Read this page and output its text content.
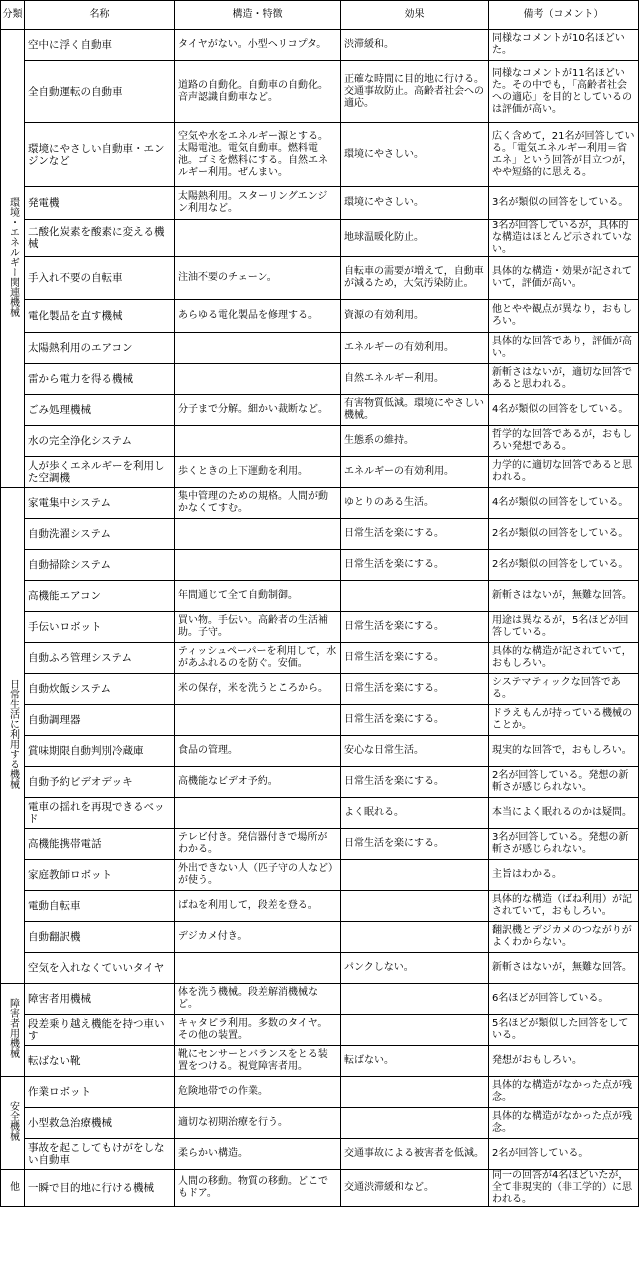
分類	名称	構造・特徴	効果	備考（コメント）
環境・エネルギー関連機械	空中に浮く自動車	タイヤがない。小型ヘリコプタ。	渋滞緩和。	同様なコメントが10名ほどいた。
	全自動運転の自動車	道路の自動化。自動車の自動化。音声認識自動車など。	正確な時間に目的地に行ける。交通事故防止。高齢者社会への適応。	同様なコメントが11名ほどいた。その中でも，「高齢者社会への適応」を目的としているのは評価が高い。
	環境にやさしい自動車・エンジンなど	空気や水をエネルギー源とする。太陽電池。電気自動車。燃料電池。ゴミを燃料にする。自然エネルギー利用。ぜんまい。	環境にやさしい。	広く含めて，21名が回答している。「電気エネルギー利用＝省エネ」という回答が目立つが，やや短絡的に思える。
	発電機	太陽熱利用。スターリングエンジン利用など。	環境にやさしい。	3名が類似の回答をしている。
	二酸化炭素を酸素に変える機械		地球温暖化防止。	3名が回答しているが，具体的な構造はほとんど示されていない。
	手入れ不要の自転車	注油不要のチェーン。	自転車の需要が増えて，自動車が減るため，大気汚染防止。	具体的な構造・効果が記されていて，評価が高い。
	電化製品を直す機械	あらゆる電化製品を修理する。	資源の有効利用。	他とやや観点が異なり，おもしろい。
	太陽熱利用のエアコン		エネルギーの有効利用。	具体的な回答であり，評価が高い。
	雷から電力を得る機械		自然エネルギー利用。	新斬さはないが，適切な回答であると思われる。
	ごみ処理機械	分子まで分解。細かい裁断など。	有害物質低減。環境にやさしい機械。	4名が類似の回答をしている。
	水の完全浄化システム		生態系の維持。	哲学的な回答であるが，おもしろい発想である。
	人が歩くエネルギーを利用した空調機	歩くときの上下運動を利用。	エネルギーの有効利用。	力学的に適切な回答であると思われる。
日常生活に利用する機械	家電集中システム	集中管理のための規格。人間が動かなくてすむ。	ゆとりのある生活。	4名が類似の回答をしている。
	自動洗濯システム		日常生活を楽にする。	2名が類似の回答をしている。
	自動掃除システム		日常生活を楽にする。	2名が類似の回答をしている。
	高機能エアコン	年間通じて全て自動制御。		新斬さはないが，無難な回答。
	手伝いロボット	買い物。手伝い。高齢者の生活補助。子守。	日常生活を楽にする。	用途は異なるが，5名ほどが回答している。
	自動ふろ管理システム	ティッシュペーパーを利用して，水があふれるのを防ぐ。安価。	日常生活を楽にする。	具体的な構造が記されていて，おもしろい。
	自動炊飯システム	米の保存，米を洗うところから。	日常生活を楽にする。	システマティックな回答である。
	自動調理器		日常生活を楽にする。	ドラえもんが持っている機械のことか。
	賞味期限自動判別冷蔵庫	食品の管理。	安心な日常生活。	現実的な回答で，おもしろい。
	自動予約ビデオデッキ	高機能なビデオ予約。	日常生活を楽にする。	2名が回答している。発想の新斬さが感じられない。
	電車の揺れを再現できるベッド		よく眠れる。	本当によく眠れるのかは疑問。
	高機能携帯電話	テレビ付き。発信器付きで場所がわかる。	日常生活を楽にする。	3名が回答している。発想の新斬さが感じられない。
	家庭教師ロボット	外出できない人（匹子守の人など）が使う。		主旨はわかる。
	電動自転車	ばねを利用して，段差を登る。		具体的な構造（ばね利用）が記されていて，おもしろい。
	自動翻訳機	デジカメ付き。		翻訳機とデジカメのつながりがよくわからない。
	空気を入れなくていいタイヤ		パンクしない。	新斬さはないが，無難な回答。
障害者用機械	障害者用機械	体を洗う機械。段差解消機械など。		6名ほどが回答している。
	段差乗り越え機能を持つ車いす	キャタピラ利用。多数のタイヤ。その他の装置。		5名ほどが類似した回答をしている。
	転ばない靴	靴にセンサーとバランスをとる装置をつける。視覚障害者用。	転ばない。	発想がおもしろい。
安全機械	作業ロボット	危険地帯での作業。		具体的な構造がなかった点が残念。
	小型救急治療機械	適切な初期治療を行う。		具体的な構造がなかった点が残念。
	事故を起こしてもけがをしない自動車	柔らかい構造。	交通事故による被害者を低減。	2名が回答している。
他	一瞬で目的地に行ける機械	人間の移動。物質の移動。どこでもドア。	交通渋滞緩和など。	同一の回答が4名ほどいたが，全て非現実的（非工学的）に思われる。
